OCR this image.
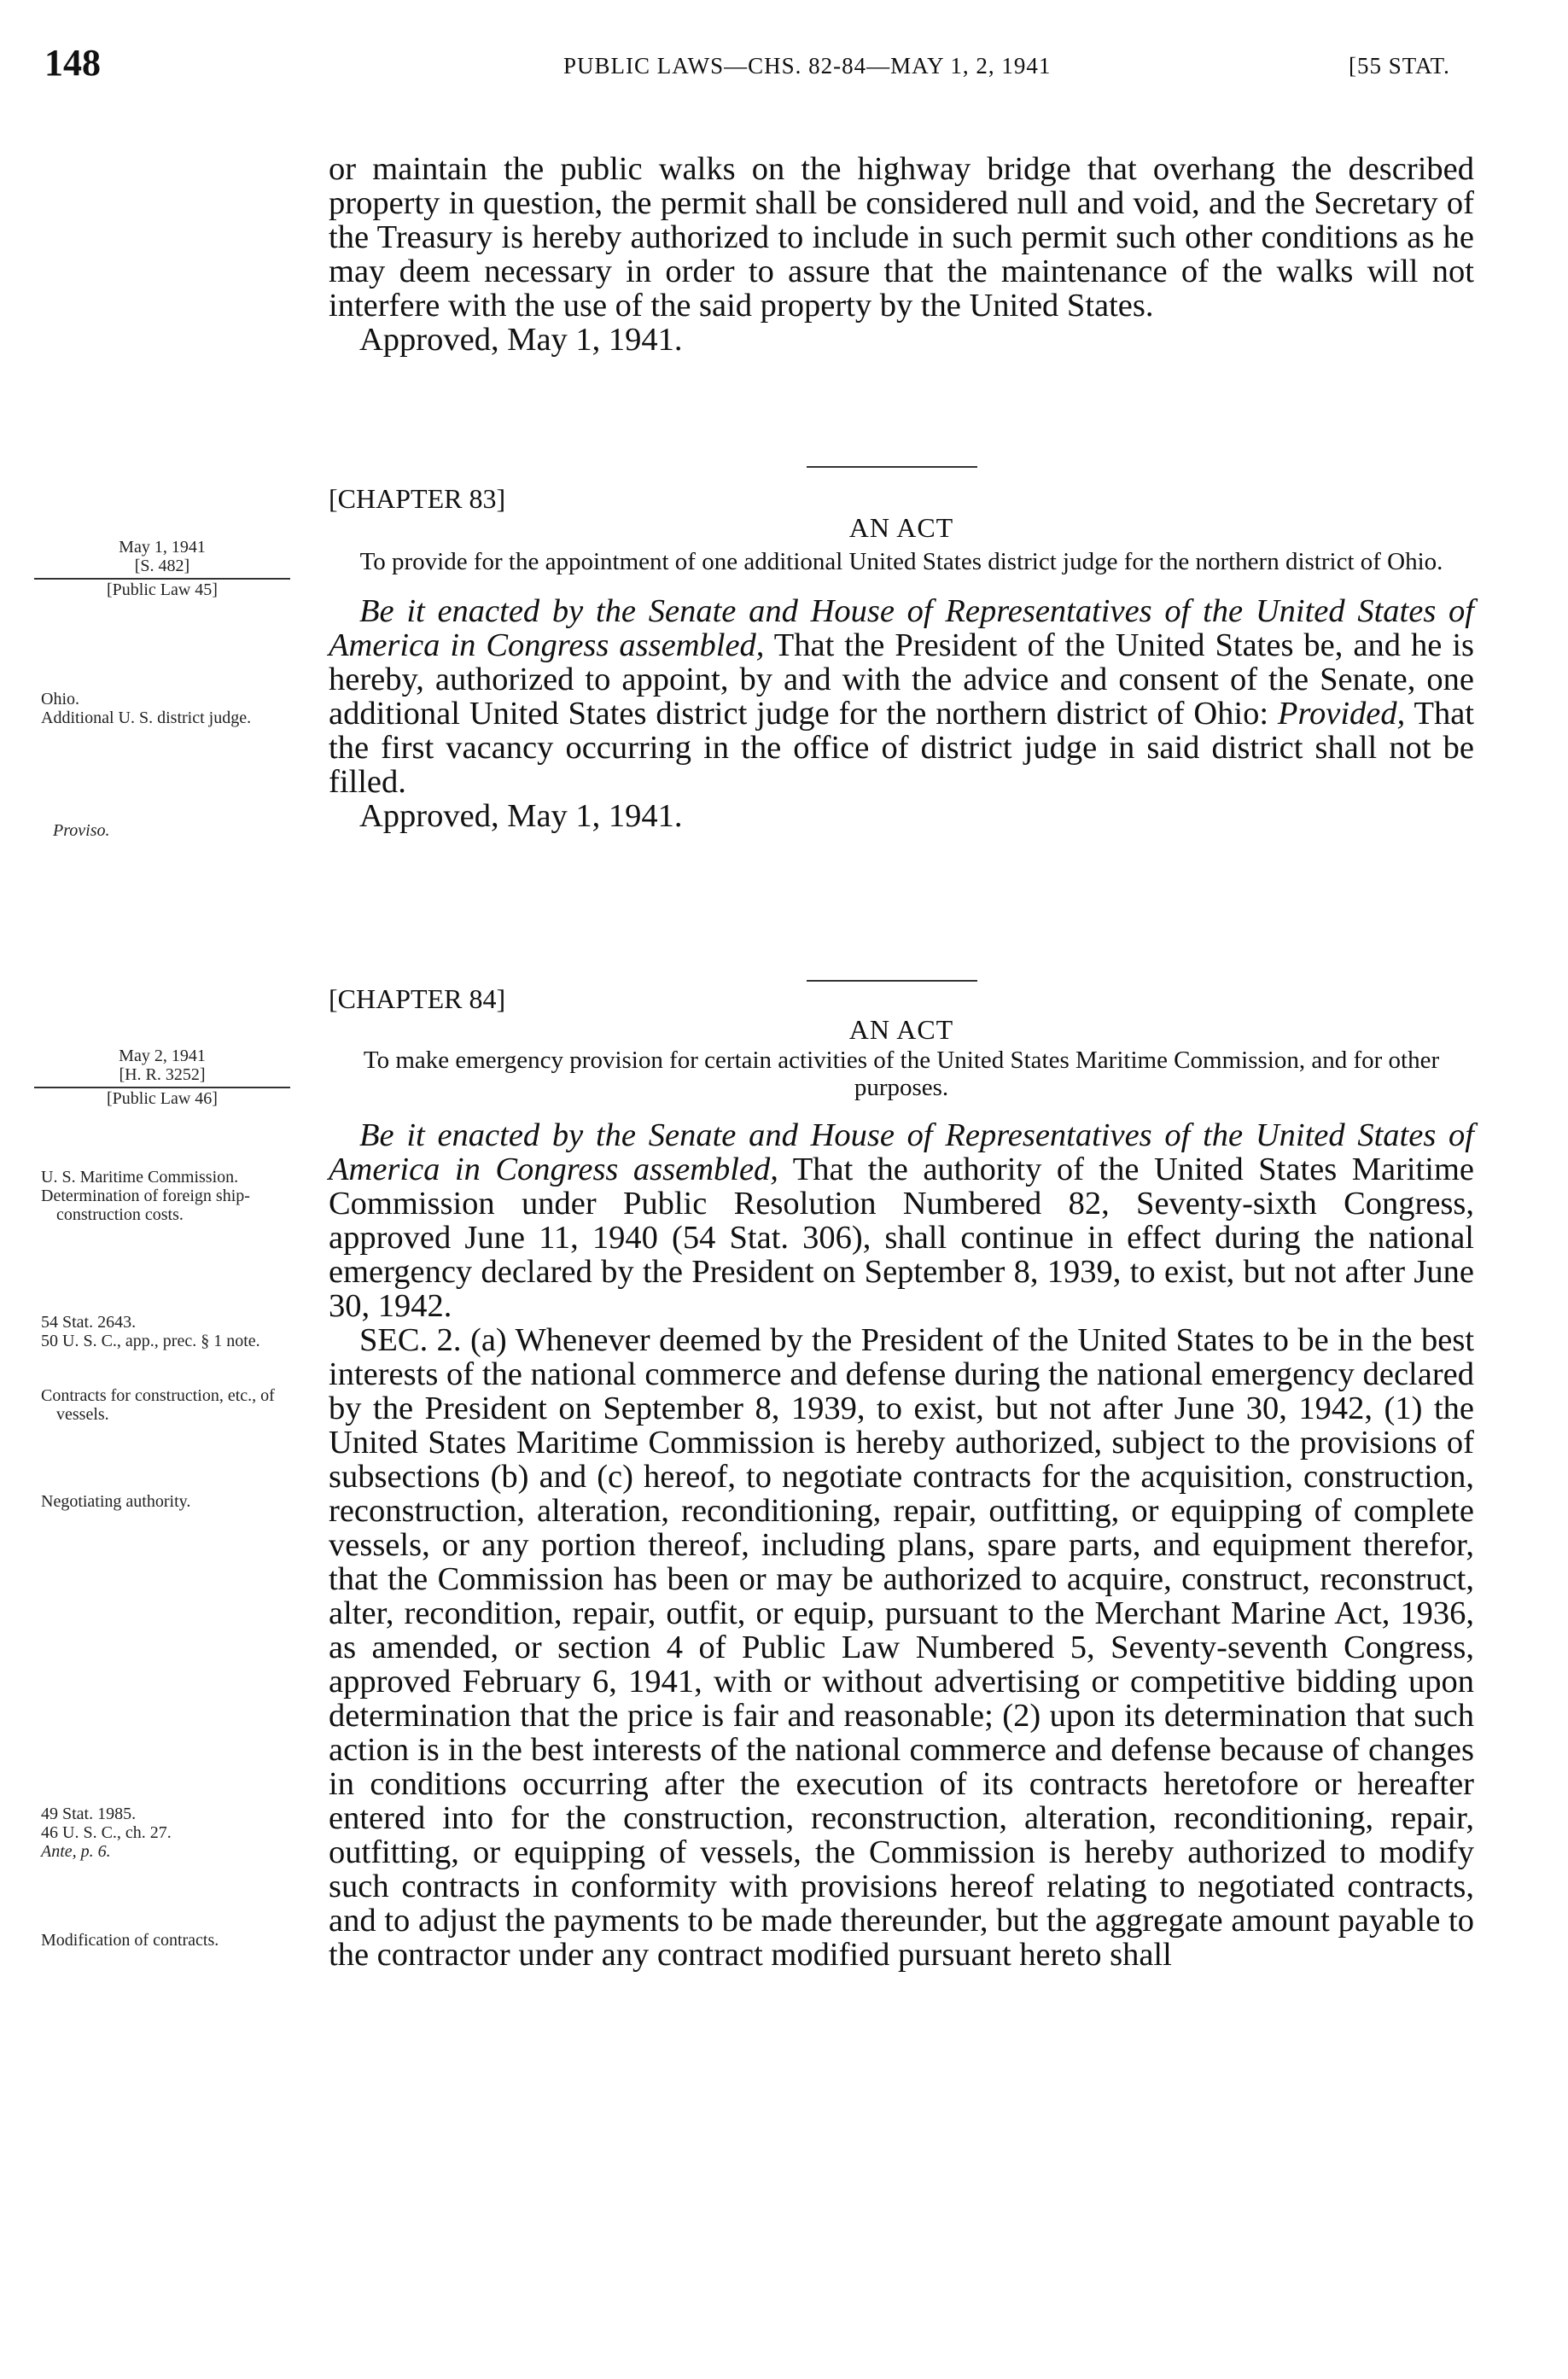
148	PUBLIC LAWS—CHS. 82-84—MAY 1, 2, 1941	[55 STAT.

or maintain the public walks on the highway bridge that overhang the described property in question, the permit shall be considered null and void, and the Secretary of the Treasury is hereby authorized to include in such permit such other conditions as he may deem necessary in order to assure that the maintenance of the walks will not interfere with the use of the said property by the United States.

Approved, May 1, 1941.

[CHAPTER 83]

AN ACT

To provide for the appointment of one additional United States district judge for the northern district of Ohio.

Be it enacted by the Senate and House of Representatives of the United States of America in Congress assembled, That the President of the United States be, and he is hereby, authorized to appoint, by and with the advice and consent of the Senate, one additional United States district judge for the northern district of Ohio: Provided, That the first vacancy occurring in the office of district judge in said district shall not be filled.

Approved, May 1, 1941.

May 1, 1941
[S. 482]
[Public Law 45]
Ohio.
Additional U. S. district judge.
Proviso.

[CHAPTER 84]

AN ACT

To make emergency provision for certain activities of the United States Maritime Commission, and for other purposes.

Be it enacted by the Senate and House of Representatives of the United States of America in Congress assembled, That the authority of the United States Maritime Commission under Public Resolution Numbered 82, Seventy-sixth Congress, approved June 11, 1940 (54 Stat. 306), shall continue in effect during the national emergency declared by the President on September 8, 1939, to exist, but not after June 30, 1942.

SEC. 2. (a) Whenever deemed by the President of the United States to be in the best interests of the national commerce and defense during the national emergency declared by the President on September 8, 1939, to exist, but not after June 30, 1942, (1) the United States Maritime Commission is hereby authorized, subject to the provisions of subsections (b) and (c) hereof, to negotiate contracts for the acquisition, construction, reconstruction, alteration, reconditioning, repair, outfitting, or equipping of complete vessels, or any portion thereof, including plans, spare parts, and equipment therefor, that the Commission has been or may be authorized to acquire, construct, reconstruct, alter, recondition, repair, outfit, or equip, pursuant to the Merchant Marine Act, 1936, as amended, or section 4 of Public Law Numbered 5, Seventy-seventh Congress, approved February 6, 1941, with or without advertising or competitive bidding upon determination that the price is fair and reasonable; (2) upon its determination that such action is in the best interests of the national commerce and defense because of changes in conditions occurring after the execution of its contracts heretofore or hereafter entered into for the construction, reconstruction, alteration, reconditioning, repair, outfitting, or equipping of vessels, the Commission is hereby authorized to modify such contracts in conformity with provisions hereof relating to negotiated contracts, and to adjust the payments to be made thereunder, but the aggregate amount payable to the contractor under any contract modified pursuant hereto shall

May 2, 1941
[H. R. 3252]
[Public Law 46]
U. S. Maritime Commission.
Determination of foreign ship-construction costs.
54 Stat. 2643.
50 U. S. C., app., prec. § 1 note.
Contracts for construction, etc., of vessels.
Negotiating authority.
49 Stat. 1985.
46 U. S. C., ch. 27.
Ante, p. 6.
Modification of contracts.
